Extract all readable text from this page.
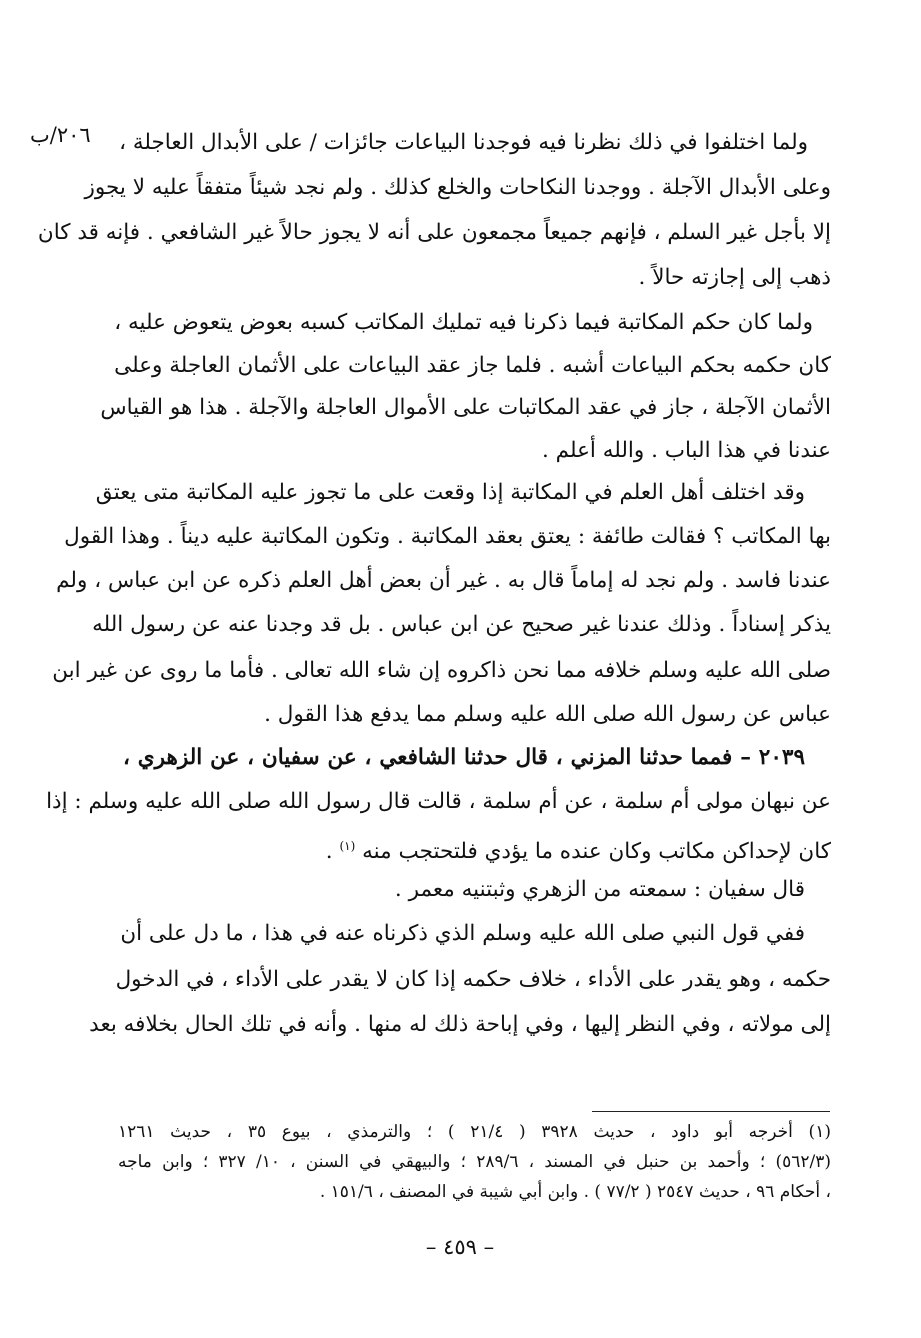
٢٠٦/ب	ولما اختلفوا في ذلك نظرنا فيه فوجدنا البياعات جائزات / على الأبدال العاجلة ،
وعلى الأبدال الآجلة . ووجدنا النكاحات والخلع كذلك . ولم نجد شيئاً متفقاً عليه لا يجوز
إلا بأجل غير السلم ، فإنهم جميعاً مجمعون على أنه لا يجوز حالاً غير الشافعي . فإنه قد كان
ذهب إلى إجازته حالاً .
ولما كان حكم المكاتبة فيما ذكرنا فيه تمليك المكاتب كسبه بعوض يتعوض عليه ،
كان حكمه بحكم البياعات أشبه . فلما جاز عقد البياعات على الأثمان العاجلة وعلى
الأثمان الآجلة ، جاز في عقد المكاتبات على الأموال العاجلة والآجلة . هذا هو القياس
عندنا في هذا الباب . والله أعلم .
وقد اختلف أهل العلم في المكاتبة إذا وقعت على ما تجوز عليه المكاتبة متى يعتق
بها المكاتب ؟ فقالت طائفة : يعتق بعقد المكاتبة . وتكون المكاتبة عليه ديناً . وهذا القول
عندنا فاسد . ولم نجد له إماماً قال به . غير أن بعض أهل العلم ذكره عن ابن عباس ، ولم
يذكر إسناداً . وذلك عندنا غير صحيح عن ابن عباس . بل قد وجدنا عنه عن رسول الله
صلى الله عليه وسلم خلافه مما نحن ذاكروه إن شاء الله تعالى . فأما ما روى عن غير ابن
عباس عن رسول الله صلى الله عليه وسلم مما يدفع هذا القول .
٢٠٣٩ – فمما حدثنا المزني ، قال حدثنا الشافعي ، عن سفيان ، عن الزهري ،
عن نبهان مولى أم سلمة ، عن أم سلمة ، قالت قال رسول الله صلى الله عليه وسلم : إذا
كان لإحداكن مكاتب وكان عنده ما يؤدي فلتحتجب منه $^{(١)}$ .
قال سفيان : سمعته من الزهري وثبتنيه معمر .
ففي قول النبي صلى الله عليه وسلم الذي ذكرناه عنه في هذا ، ما دل على أن
حكمه ، وهو يقدر على الأداء ، خلاف حكمه إذا كان لا يقدر على الأداء ، في الدخول
إلى مولاته ، وفي النظر إليها ، وفي إباحة ذلك له منها . وأنه في تلك الحال بخلافه بعد
(١) أخرجه أبو داود ، حديث ٣٩٢٨ ( ٢١/٤ ) ؛ والترمذي ، بيوع ٣٥ ، حديث ١٢٦١
(٥٦٢/٣) ؛ وأحمد بن حنبل في المسند ، ٢٨٩/٦ ؛ والبيهقي في السنن ، ١٠/ ٣٢٧ ؛ وابن ماجه
، أحكام ٩٦ ، حديث ٢٥٤٧ ( ٧٧/٢ ) . وابن أبي شيبة في المصنف ، ١٥١/٦ .
– ٤٥٩ –
